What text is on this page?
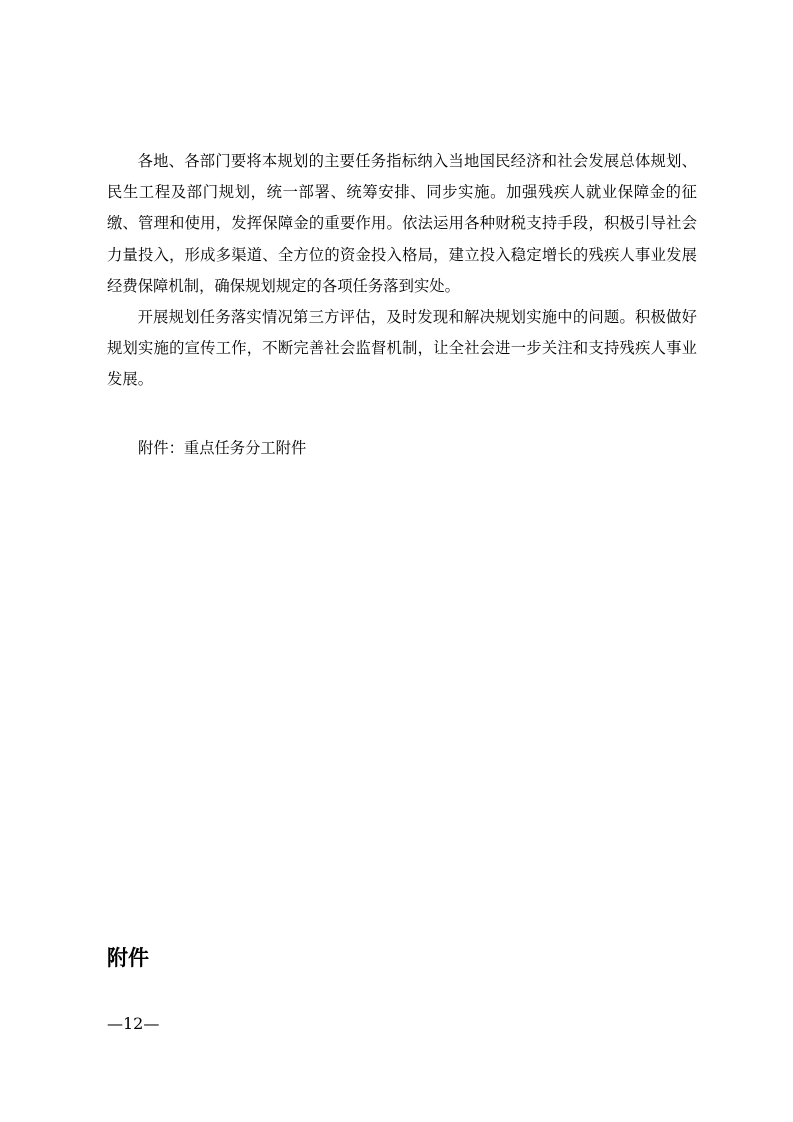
各地、各部门要将本规划的主要任务指标纳入当地国民经济和社会发展总体规划、民生工程及部门规划，统一部署、统筹安排、同步实施。加强残疾人就业保障金的征缴、管理和使用，发挥保障金的重要作用。依法运用各种财税支持手段，积极引导社会力量投入，形成多渠道、全方位的资金投入格局，建立投入稳定增长的残疾人事业发展经费保障机制，确保规划规定的各项任务落到实处。

开展规划任务落实情况第三方评估，及时发现和解决规划实施中的问题。积极做好规划实施的宣传工作，不断完善社会监督机制，让全社会进一步关注和支持残疾人事业发展。

附件：重点任务分工附件
附件
—12—
